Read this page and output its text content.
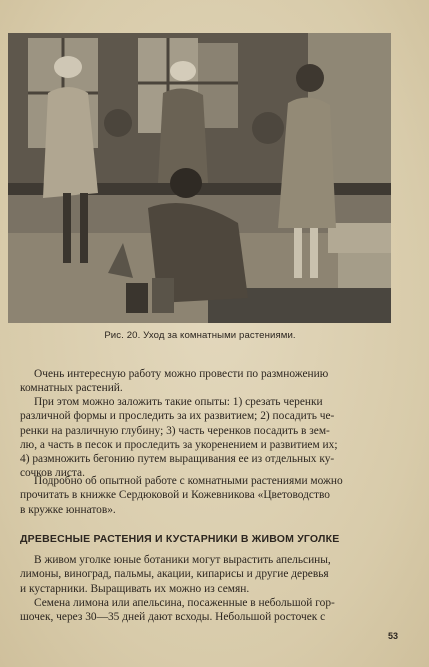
Рис. 20. Уход за комнатными растениями.

Очень интересную работу можно провести по размножению
комнатных растений.

При этом можно заложить такие опыты: 1) срезать черенки
различной формы и проследить за их развитием; 2) посадить че-
ренки на различную глубину; 3) часть черенков посадить в зем-
лю, а часть в песок и проследить за укоренением и развитием их;
4) размножить бегонию путем выращивания ее из отдельных ку-
сочков листа.

Подробно об опытной работе с комнатными растениями можно
прочитать в книжке Сердюковой и Кожевникова «Цветоводство
в кружке юннатов».

ДРЕВЕСНЫЕ РАСТЕНИЯ И КУСТАРНИКИ В ЖИВОМ УГОЛКЕ

В живом уголке юные ботаники могут вырастить апельсины,
лимоны, виноград, пальмы, акации, кипарисы и другие деревья
и кустарники. Выращивать их можно из семян.
Семена лимона или апельсина, посаженные в небольшой гор-
шочек, через 30—35 дней дают всходы. Небольшой росточек с

53
